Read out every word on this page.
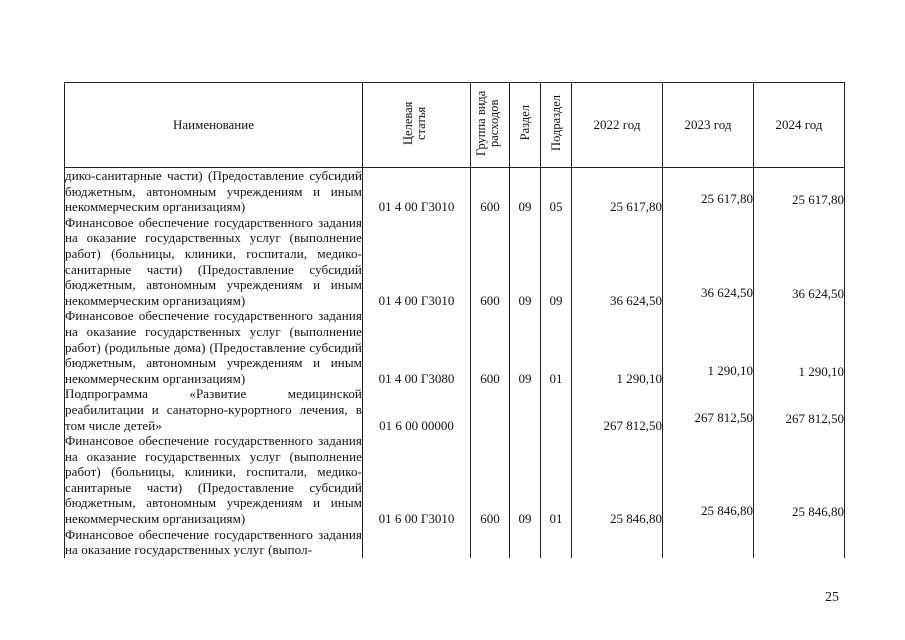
Наименование	Целевая статья	Группа вида расходов	Раздел	Подраздел	2022 год	2023 год	2024 год
дико-санитарные части) (Предоставление субсидий бюджетным, автономным учреждениям и иным некоммерческим организациям)	01 4 00 Г3010	600	09	05	25 617,80	25 617,80	25 617,80
Финансовое обеспечение государственного задания на оказание государственных услуг (выполнение работ) (больницы, клиники, госпитали, медико-санитарные части) (Предоставление субсидий бюджетным, автономным учреждениям и иным некоммерческим организациям)	01 4 00 Г3010	600	09	09	36 624,50	36 624,50	36 624,50
Финансовое обеспечение государственного задания на оказание государственных услуг (выполнение работ) (родильные дома) (Предоставление субсидий бюджетным, автономным учреждениям и иным некоммерческим организациям)	01 4 00 Г3080	600	09	01	1 290,10	1 290,10	1 290,10
Подпрограмма «Развитие медицинской реабилитации и санаторно-курортного лечения, в том числе детей»	01 6 00 00000				267 812,50	267 812,50	267 812,50
Финансовое обеспечение государственного задания на оказание государственных услуг (выполнение работ) (больницы, клиники, госпитали, медико-санитарные части) (Предоставление субсидий бюджетным, автономным учреждениям и иным некоммерческим организациям)	01 6 00 Г3010	600	09	01	25 846,80	25 846,80	25 846,80
Финансовое обеспечение государственного задания на оказание государственных услуг (выпол-							
25
